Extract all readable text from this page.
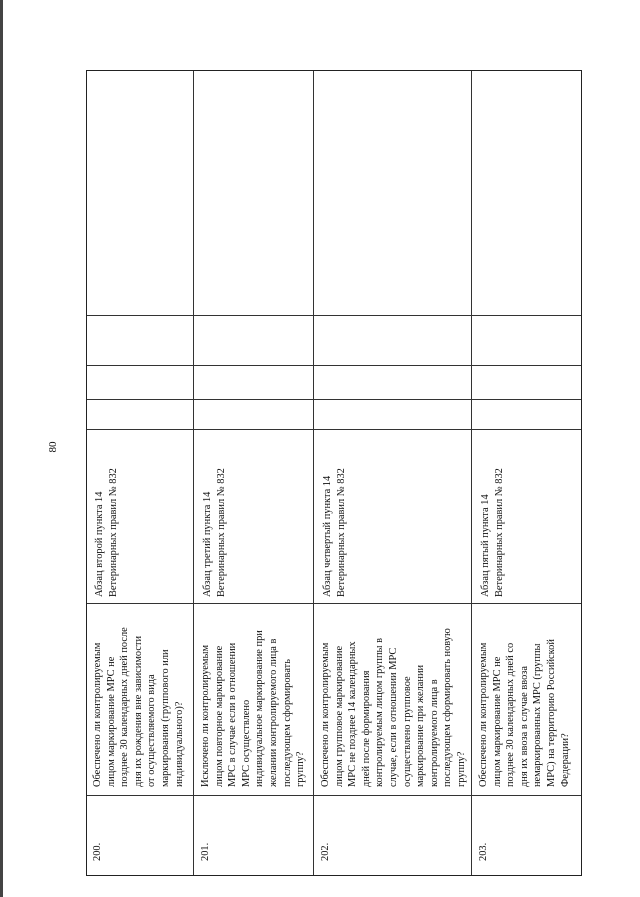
80
200.
Обеспечено ли контролируемым лицом маркирование МРС не позднее 30 календарных дней после дня их рождения вне зависимости от осуществляемого вида маркирования (группового или индивидуального)?
Абзац второй пункта 14 Ветеринарных правил № 832
201.
Исключено ли контролируемым лицом повторное маркирование МРС в случае если в отношении МРС осуществлено индивидуальное маркирование при желании контролируемого лица в последующем сформировать группу?
Абзац третий пункта 14 Ветеринарных правил № 832
202.
Обеспечено ли контролируемым лицом групповое маркирование МРС не позднее 14 календарных дней после формирования контролируемым лицом группы в случае, если в отношении МРС осуществлено групповое маркирование при желании контролируемого лица в последующем сформировать новую группу?
Абзац четвертый пункта 14 Ветеринарных правил № 832
203.
Обеспечено ли контролируемым лицом маркирование МРС не позднее 30 календарных дней со дня их ввоза в случае ввоза немаркированных МРС (группы МРС) на территорию Российской Федерации?
Абзац пятый пункта 14 Ветеринарных правил № 832
